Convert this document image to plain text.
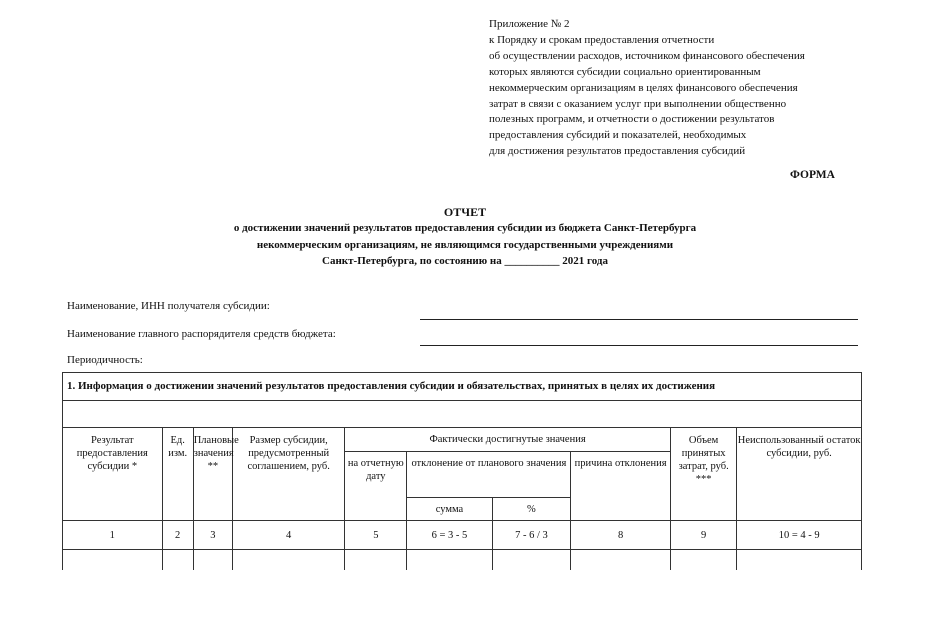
Приложение № 2
к Порядку и срокам предоставления отчетности
об осуществлении расходов, источником финансового обеспечения
которых являются субсидии социально ориентированным
некоммерческим организациям в целях финансового обеспечения
затрат в связи с оказанием услуг при выполнении общественно
полезных программ, и отчетности о достижении результатов
предоставления субсидий и показателей, необходимых
для достижения результатов предоставления субсидий
ФОРМА
ОТЧЕТ
о достижении значений результатов предоставления субсидии из бюджета Санкт-Петербурга
некоммерческим организациям, не являющимся государственными учреждениями
Санкт-Петербурга, по состоянию на __________ 2021 года
Наименование, ИНН получателя субсидии:
Наименование главного распорядителя средств бюджета:
Периодичность:
1. Информация о достижении значений результатов предоставления субсидии и обязательствах, принятых в целях их достижения									

Результат предоставления субсидии *	Ед. изм.	Плановые значения **	Размер субсидии, предусмотренный соглашением, руб.	Фактически достигнутые значения				Объем принятых затрат, руб. ***	Неиспользованный остаток субсидии, руб.
				на отчетную дату	отклонение от планового значения		причина отклонения		
					сумма	%			
1	2	3	4	5	6 = 3 - 5	7 - 6 / 3	8	9	10 = 4 - 9
